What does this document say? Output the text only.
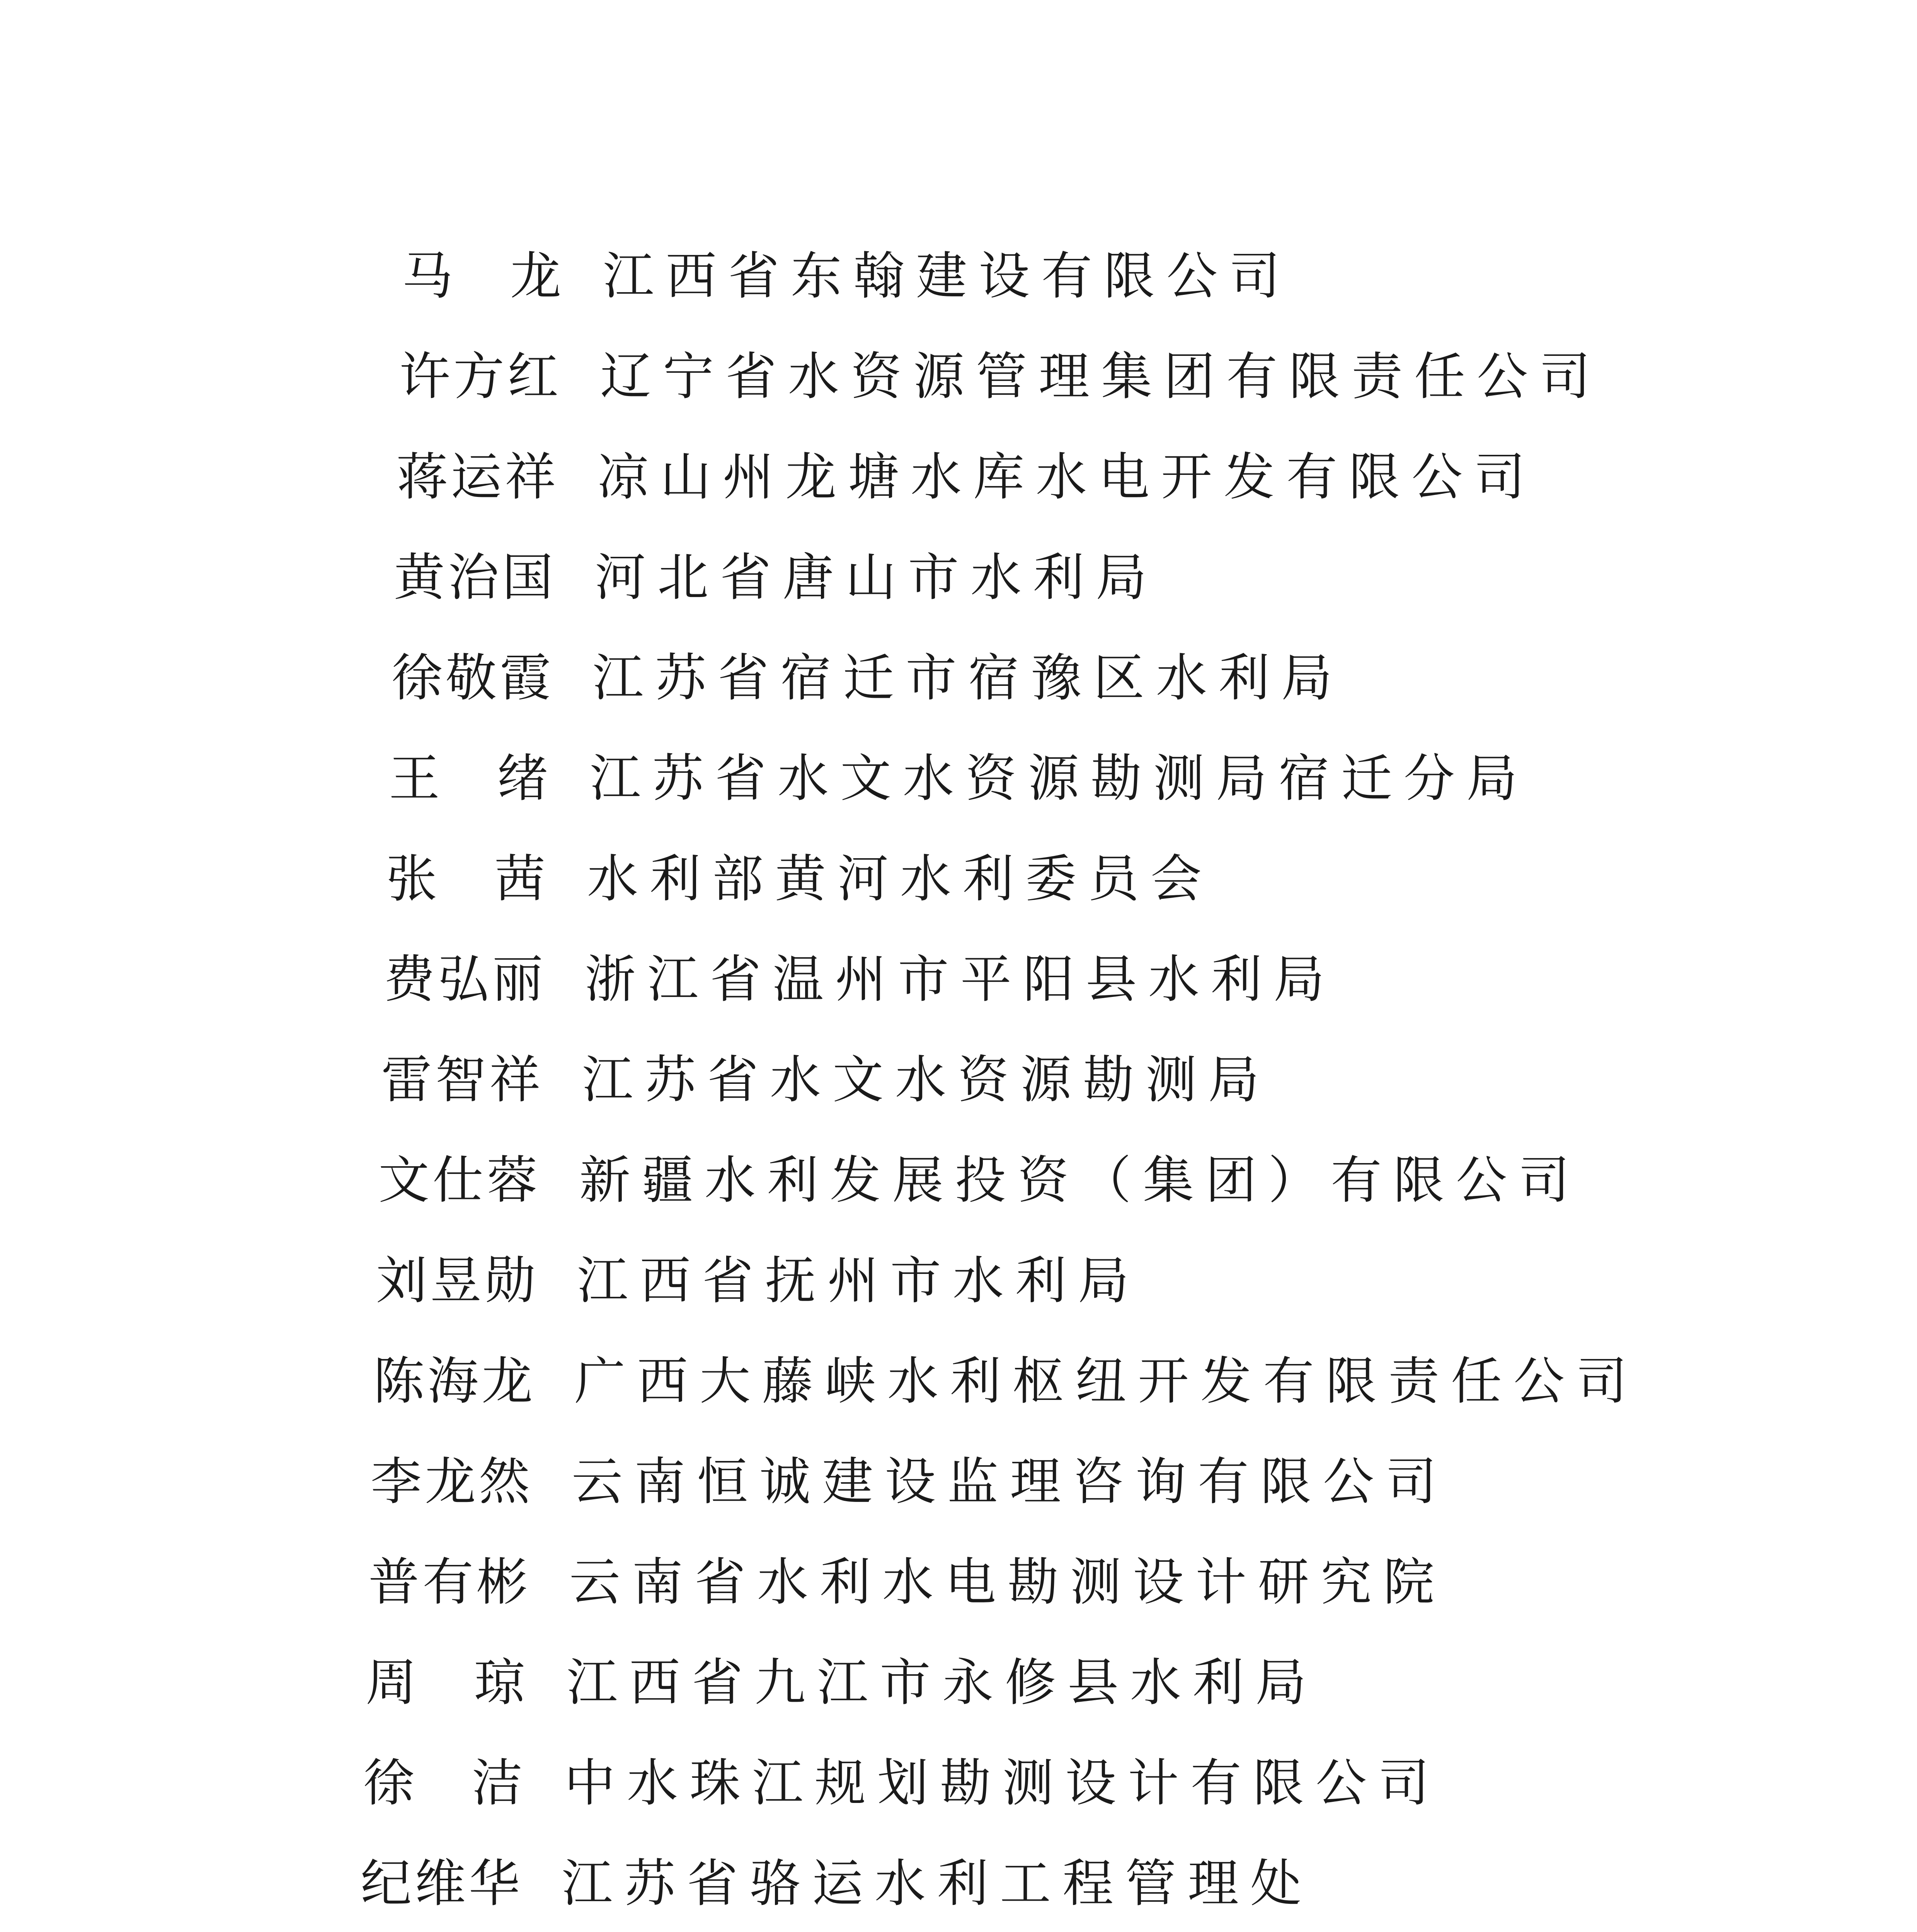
马　龙 江西省东翰建设有限公司
许方红 辽宁省水资源管理集团有限责任公司
蒋运祥 凉山州龙塘水库水电开发有限公司
黄治国 河北省唐山市水利局
徐敬霞 江苏省宿迁市宿豫区水利局
王　绪 江苏省水文水资源勘测局宿迁分局
张　茜 水利部黄河水利委员会
费弘丽 浙江省温州市平阳县水利局
雷智祥 江苏省水文水资源勘测局
文仕蓉 新疆水利发展投资（集团）有限公司
刘昱勋 江西省抚州市水利局
陈海龙 广西大藤峡水利枢纽开发有限责任公司
李龙然 云南恒诚建设监理咨询有限公司
普有彬 云南省水利水电勘测设计研究院
周　琼 江西省九江市永修县水利局
徐　洁 中水珠江规划勘测设计有限公司
纪维华 江苏省骆运水利工程管理处
